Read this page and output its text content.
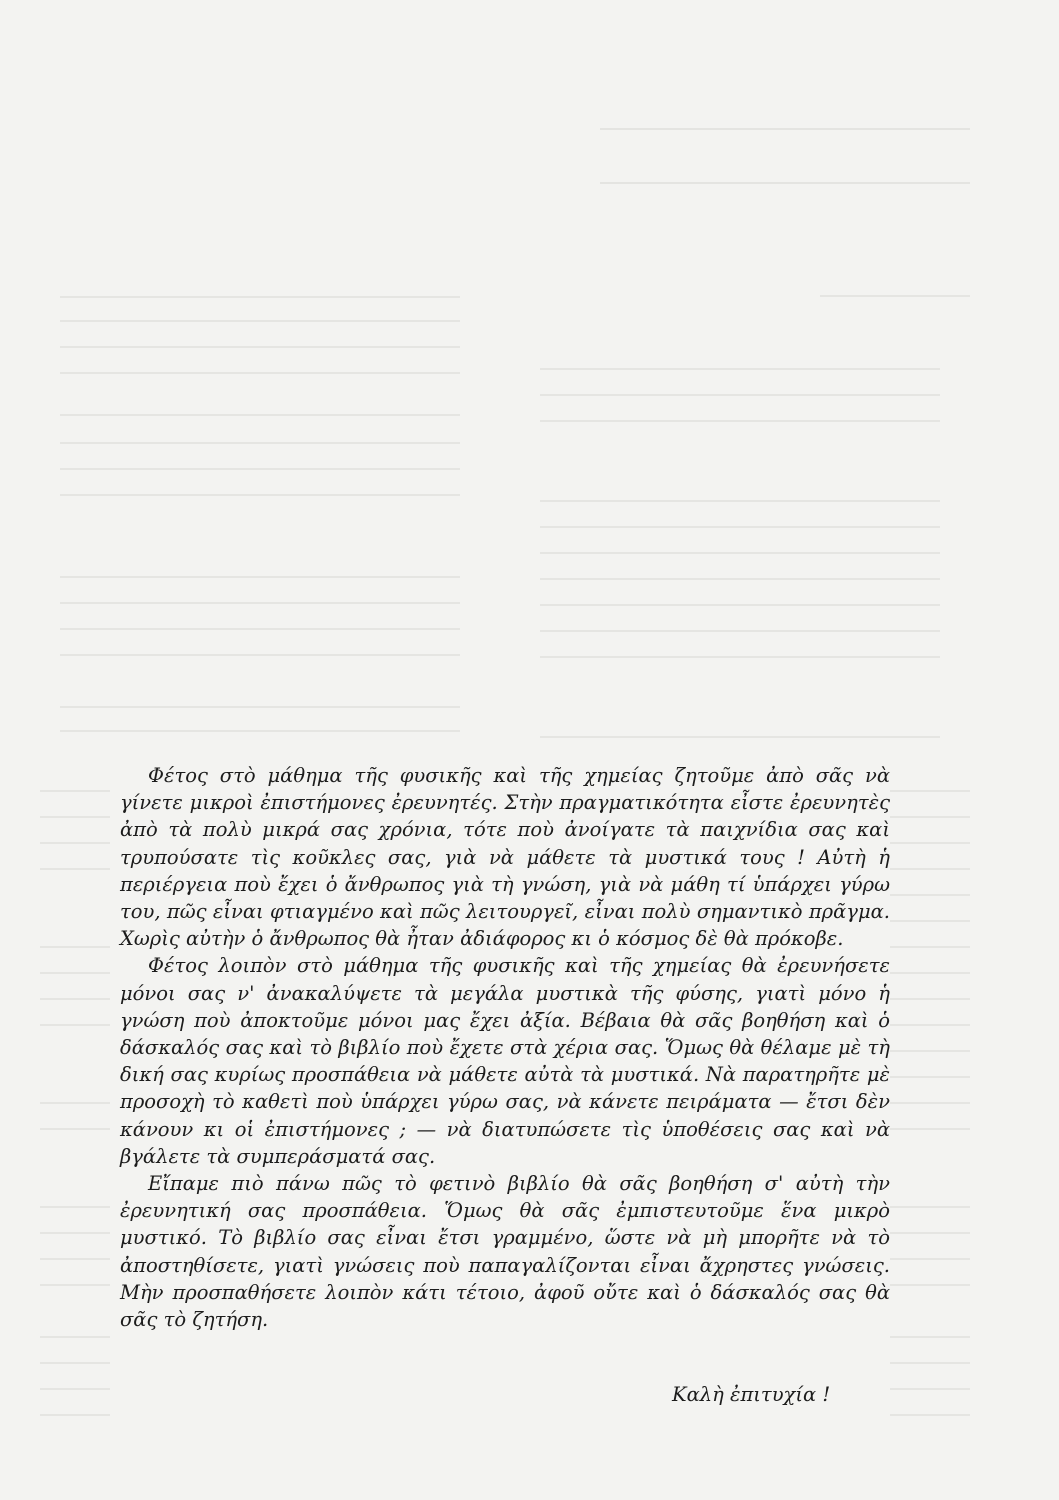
Φέτος στὸ μάθημα τῆς φυσικῆς καὶ τῆς χημείας ζητοῦμε ἀπὸ σᾶς νὰ γίνετε μικροὶ ἐπιστήμονες ἐρευνητές. Στὴν πραγματικότητα εἶστε ἐρευνητὲς ἀπὸ τὰ πολὺ μικρά σας χρόνια, τότε ποὺ ἀνοίγατε τὰ παιχνίδια σας καὶ τρυπούσατε τὶς κοῦκλες σας, γιὰ νὰ μάθετε τὰ μυστικά τους ! Αὐτὴ ἡ περιέργεια ποὺ ἔχει ὁ ἄνθρωπος γιὰ τὴ γνώση, γιὰ νὰ μάθη τί ὑπάρχει γύρω του, πῶς εἶναι φτιαγμένο καὶ πῶς λειτουργεῖ, εἶναι πολὺ σημαντικὸ πρᾶγμα. Χωρὶς αὐτὴν ὁ ἄνθρωπος θὰ ἦταν ἀδιάφορος κι ὁ κόσμος δὲ θὰ πρόκοβε.

Φέτος λοιπὸν στὸ μάθημα τῆς φυσικῆς καὶ τῆς χημείας θὰ ἐρευνήσετε μόνοι σας ν' ἀνακαλύψετε τὰ μεγάλα μυστικὰ τῆς φύσης, γιατὶ μόνο ἡ γνώση ποὺ ἀποκτοῦμε μόνοι μας ἔχει ἀξία. Βέβαια θὰ σᾶς βοηθήση καὶ ὁ δάσκαλός σας καὶ τὸ βιβλίο ποὺ ἔχετε στὰ χέρια σας. Ὅμως θὰ θέλαμε μὲ τὴ δική σας κυρίως προσπάθεια νὰ μάθετε αὐτὰ τὰ μυστικά. Νὰ παρατηρῆτε μὲ προσοχὴ τὸ καθετὶ ποὺ ὑπάρχει γύρω σας, νὰ κάνετε πειράματα — ἔτσι δὲν κάνουν κι οἱ ἐπιστήμονες ; — νὰ διατυπώσετε τὶς ὑποθέσεις σας καὶ νὰ βγάλετε τὰ συμπεράσματά σας.

Εἴπαμε πιὸ πάνω πῶς τὸ φετινὸ βιβλίο θὰ σᾶς βοηθήση σ' αὐτὴ τὴν ἐρευνητική σας προσπάθεια. Ὅμως θὰ σᾶς ἐμπιστευτοῦμε ἕνα μικρὸ μυστικό. Τὸ βιβλίο σας εἶναι ἔτσι γραμμένο, ὥστε νὰ μὴ μπορῆτε νὰ τὸ ἀποστηθίσετε, γιατὶ γνώσεις ποὺ παπαγαλίζονται εἶναι ἄχρηστες γνώσεις. Μὴν προσπαθήσετε λοιπὸν κάτι τέτοιο, ἀφοῦ οὔτε καὶ ὁ δάσκαλός σας θὰ σᾶς τὸ ζητήση.

Καλὴ ἐπιτυχία !
